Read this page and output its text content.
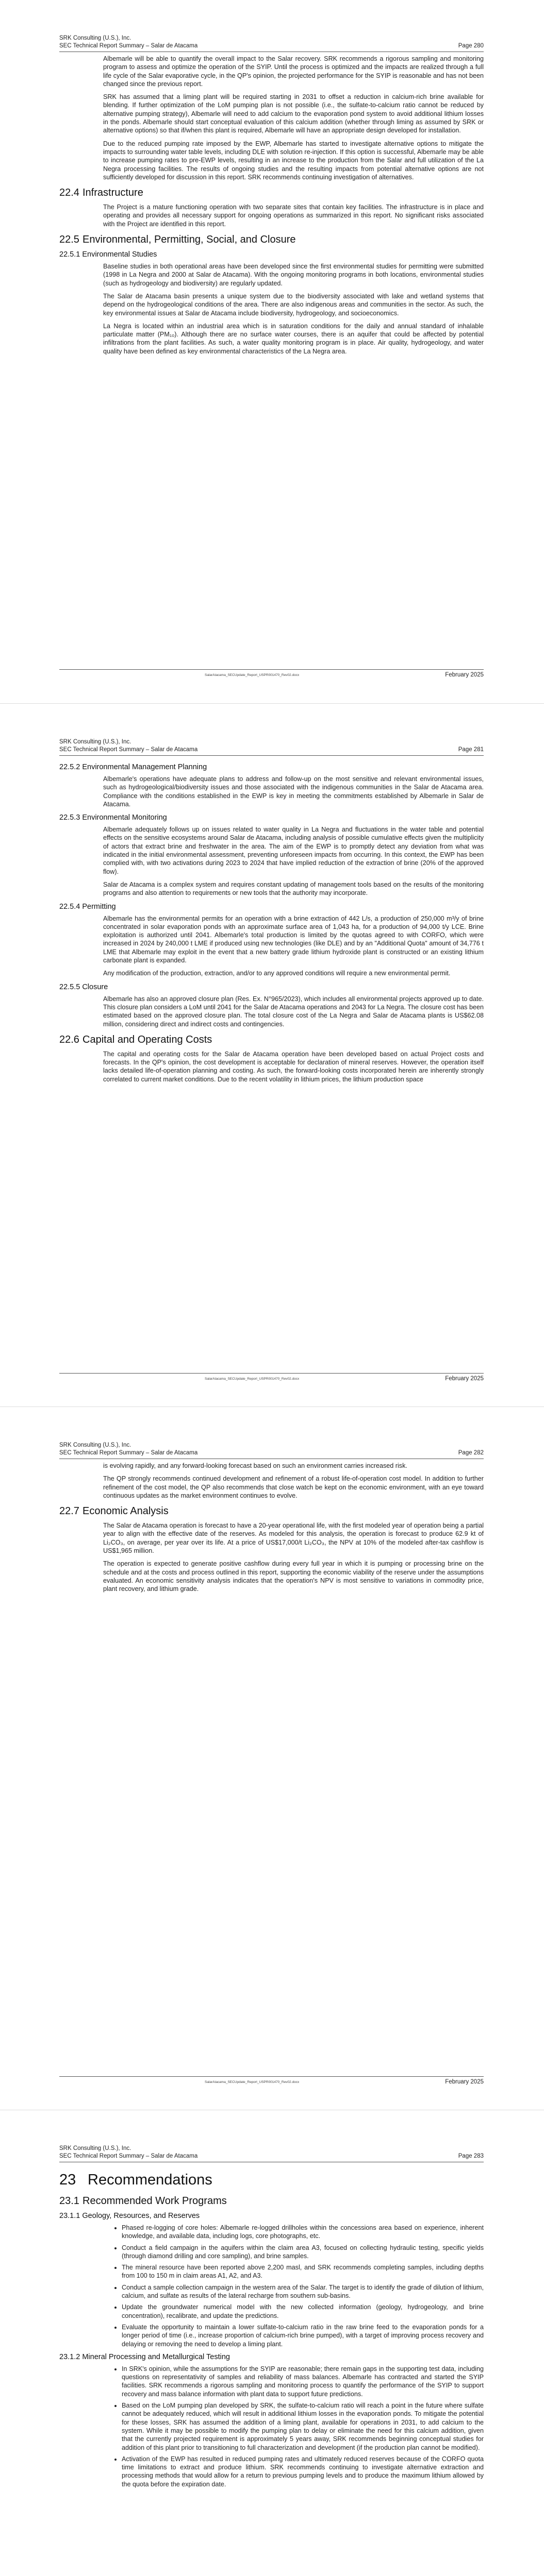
SRK Consulting (U.S.), Inc.
SEC Technical Report Summary – Salar de Atacama	Page 280

Albemarle will be able to quantify the overall impact to the Salar recovery. SRK recommends a rigorous sampling and monitoring program to assess and optimize the operation of the SYIP. Until the process is optimized and the impacts are realized through a full life cycle of the Salar evaporative cycle, in the QP's opinion, the projected performance for the SYIP is reasonable and has not been changed since the previous report.

SRK has assumed that a liming plant will be required starting in 2031 to offset a reduction in calcium-rich brine available for blending. If further optimization of the LoM pumping plan is not possible (i.e., the sulfate-to-calcium ratio cannot be reduced by alternative pumping strategy), Albemarle will need to add calcium to the evaporation pond system to avoid additional lithium losses in the ponds. Albemarle should start conceptual evaluation of this calcium addition (whether through liming as assumed by SRK or alternative options) so that if/when this plant is required, Albemarle will have an appropriate design developed for installation.

Due to the reduced pumping rate imposed by the EWP, Albemarle has started to investigate alternative options to mitigate the impacts to surrounding water table levels, including DLE with solution re-injection. If this option is successful, Albemarle may be able to increase pumping rates to pre-EWP levels, resulting in an increase to the production from the Salar and full utilization of the La Negra processing facilities. The results of ongoing studies and the resulting impacts from potential alternative options are not sufficiently developed for discussion in this report. SRK recommends continuing investigation of alternatives.

22.4 Infrastructure

The Project is a mature functioning operation with two separate sites that contain key facilities. The infrastructure is in place and operating and provides all necessary support for ongoing operations as summarized in this report. No significant risks associated with the Project are identified in this report.

22.5 Environmental, Permitting, Social, and Closure
22.5.1 Environmental Studies

Baseline studies in both operational areas have been developed since the first environmental studies for permitting were submitted (1998 in La Negra and 2000 at Salar de Atacama). With the ongoing monitoring programs in both locations, environmental studies (such as hydrogeology and biodiversity) are regularly updated.

The Salar de Atacama basin presents a unique system due to the biodiversity associated with lake and wetland systems that depend on the hydrogeological conditions of the area. There are also indigenous areas and communities in the sector. As such, the key environmental issues at Salar de Atacama include biodiversity, hydrogeology, and socioeconomics.

La Negra is located within an industrial area which is in saturation conditions for the daily and annual standard of inhalable particulate matter (PM₁₀). Although there are no surface water courses, there is an aquifer that could be affected by potential infiltrations from the plant facilities. As such, a water quality monitoring program is in place. Air quality, hydrogeology, and water quality have been defined as key environmental characteristics of the La Negra area.

SalarAtacama_SECUpdate_Report_USPR001470_Rev02.docx	February 2025
SRK Consulting (U.S.), Inc.
SEC Technical Report Summary – Salar de Atacama	Page 281
22.5.2 Environmental Management Planning

Albemarle's operations have adequate plans to address and follow-up on the most sensitive and relevant environmental issues, such as hydrogeological/biodiversity issues and those associated with the indigenous communities in the Salar de Atacama area. Compliance with the conditions established in the EWP is key in meeting the commitments established by Albemarle in Salar de Atacama.

22.5.3 Environmental Monitoring

Albemarle adequately follows up on issues related to water quality in La Negra and fluctuations in the water table and potential effects on the sensitive ecosystems around Salar de Atacama, including analysis of possible cumulative effects given the multiplicity of actors that extract brine and freshwater in the area. The aim of the EWP is to promptly detect any deviation from what was indicated in the initial environmental assessment, preventing unforeseen impacts from occurring. In this context, the EWP has been complied with, with two activations during 2023 to 2024 that have implied reduction of the extraction of brine (20% of the approved flow).

Salar de Atacama is a complex system and requires constant updating of management tools based on the results of the monitoring programs and also attention to requirements or new tools that the authority may incorporate.

22.5.4 Permitting

Albemarle has the environmental permits for an operation with a brine extraction of 442 L/s, a production of 250,000 m³/y of brine concentrated in solar evaporation ponds with an approximate surface area of 1,043 ha, for a production of 94,000 t/y LCE. Brine exploitation is authorized until 2041. Albemarle's total production is limited by the quotas agreed to with CORFO, which were increased in 2024 by 240,000 t LME if produced using new technologies (like DLE) and by an "Additional Quota" amount of 34,776 t LME that Albemarle may exploit in the event that a new battery grade lithium hydroxide plant is constructed or an existing lithium carbonate plant is expanded.

Any modification of the production, extraction, and/or to any approved conditions will require a new environmental permit.

22.5.5 Closure

Albemarle has also an approved closure plan (Res. Ex. N°965/2023), which includes all environmental projects approved up to date. This closure plan considers a LoM until 2041 for the Salar de Atacama operations and 2043 for La Negra. The closure cost has been estimated based on the approved closure plan. The total closure cost of the La Negra and Salar de Atacama plants is US$62.08 million, considering direct and indirect costs and contingencies.

22.6 Capital and Operating Costs

The capital and operating costs for the Salar de Atacama operation have been developed based on actual Project costs and forecasts. In the QP's opinion, the cost development is acceptable for declaration of mineral reserves. However, the operation itself lacks detailed life-of-operation planning and costing. As such, the forward-looking costs incorporated herein are inherently strongly correlated to current market conditions. Due to the recent volatility in lithium prices, the lithium production space

SalarAtacama_SECUpdate_Report_USPR001470_Rev02.docx	February 2025
SRK Consulting (U.S.), Inc.
SEC Technical Report Summary – Salar de Atacama	Page 282

is evolving rapidly, and any forward-looking forecast based on such an environment carries increased risk.

The QP strongly recommends continued development and refinement of a robust life-of-operation cost model. In addition to further refinement of the cost model, the QP also recommends that close watch be kept on the economic environment, with an eye toward continuous updates as the market environment continues to evolve.

22.7 Economic Analysis

The Salar de Atacama operation is forecast to have a 20-year operational life, with the first modeled year of operation being a partial year to align with the effective date of the reserves. As modeled for this analysis, the operation is forecast to produce 62.9 kt of Li₂CO₃, on average, per year over its life. At a price of US$17,000/t Li₂CO₃, the NPV at 10% of the modeled after-tax cashflow is US$1,965 million.

The operation is expected to generate positive cashflow during every full year in which it is pumping or processing brine on the schedule and at the costs and process outlined in this report, supporting the economic viability of the reserve under the assumptions evaluated. An economic sensitivity analysis indicates that the operation's NPV is most sensitive to variations in commodity price, plant recovery, and lithium grade.

SalarAtacama_SECUpdate_Report_USPR001470_Rev02.docx	February 2025
SRK Consulting (U.S.), Inc.
SEC Technical Report Summary – Salar de Atacama	Page 283
23 Recommendations
23.1 Recommended Work Programs
23.1.1 Geology, Resources, and Reserves
• Phased re-logging of core holes: Albemarle re-logged drillholes within the concessions area based on experience, inherent knowledge, and available data, including logs, core photographs, etc.
• Conduct a field campaign in the aquifers within the claim area A3, focused on collecting hydraulic testing, specific yields (through diamond drilling and core sampling), and brine samples.
• The mineral resource have been reported above 2,200 masl, and SRK recommends completing samples, including depths from 100 to 150 m in claim areas A1, A2, and A3.
• Conduct a sample collection campaign in the western area of the Salar. The target is to identify the grade of dilution of lithium, calcium, and sulfate as results of the lateral recharge from southern sub-basins.
• Update the groundwater numerical model with the new collected information (geology, hydrogeology, and brine concentration), recalibrate, and update the predictions.
• Evaluate the opportunity to maintain a lower sulfate-to-calcium ratio in the raw brine feed to the evaporation ponds for a longer period of time (i.e., increase proportion of calcium-rich brine pumped), with a target of improving process recovery and delaying or removing the need to develop a liming plant.
23.1.2 Mineral Processing and Metallurgical Testing
• In SRK's opinion, while the assumptions for the SYIP are reasonable; there remain gaps in the supporting test data, including questions on representativity of samples and reliability of mass balances. Albemarle has contracted and started the SYIP facilities. SRK recommends a rigorous sampling and monitoring process to quantify the performance of the SYIP to support recovery and mass balance information with plant data to support future predictions.
• Based on the LoM pumping plan developed by SRK, the sulfate-to-calcium ratio will reach a point in the future where sulfate cannot be adequately reduced, which will result in additional lithium losses in the evaporation ponds. To mitigate the potential for these losses, SRK has assumed the addition of a liming plant, available for operations in 2031, to add calcium to the system. While it may be possible to modify the pumping plan to delay or eliminate the need for this calcium addition, given that the currently projected requirement is approximately 5 years away, SRK recommends beginning conceptual studies for addition of this plant prior to transitioning to full characterization and development (if the production plan cannot be modified).
• Activation of the EWP has resulted in reduced pumping rates and ultimately reduced reserves because of the CORFO quota time limitations to extract and produce lithium. SRK recommends continuing to investigate alternative extraction and processing methods that would allow for a return to previous pumping levels and to produce the maximum lithium allowed by the quota before the expiration date.
